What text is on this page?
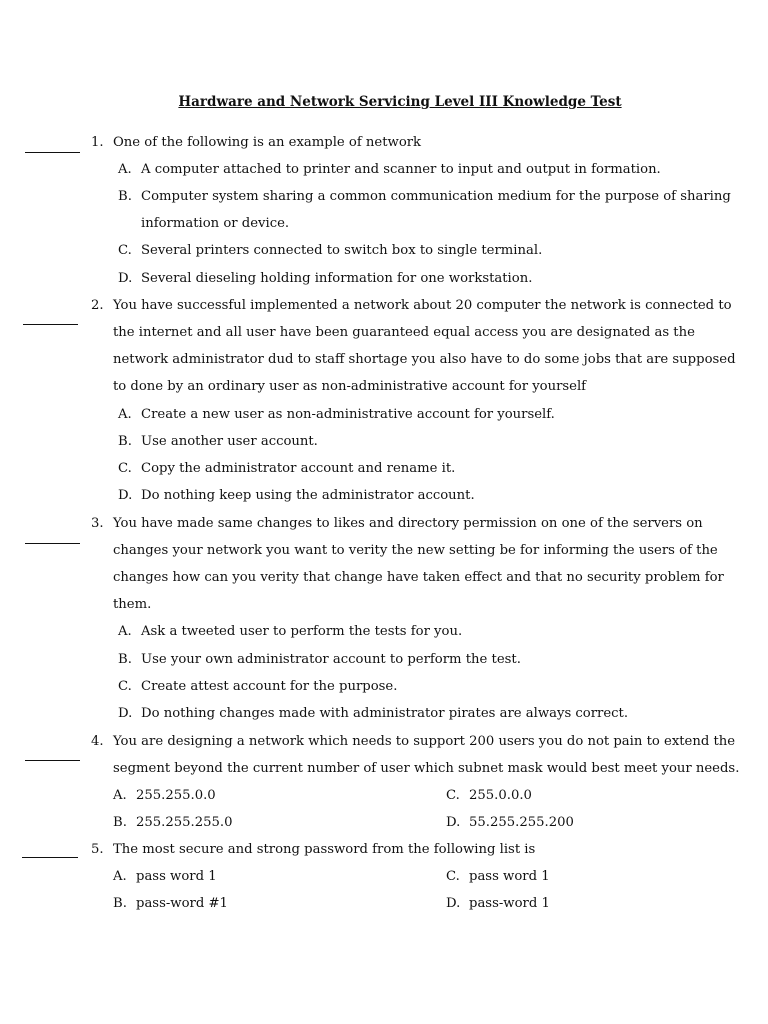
Hardware and Network Servicing Level III Knowledge Test
1. One of the following is an example of network
A. A computer attached to printer and scanner to input and output in formation.
B. Computer system sharing a common communication medium for the purpose of sharing
information or device.
C. Several printers connected to switch box to single terminal.
D. Several dieseling holding information for one workstation.
2. You have successful implemented a network about 20 computer the network is connected to
the internet and all user have been guaranteed equal access you are designated as the
network administrator dud to staff shortage you also have to do some jobs that are supposed
to done by an ordinary user as non-administrative account for yourself
A. Create a new user as non-administrative account for yourself.
B. Use another user account.
C. Copy the administrator account and rename it.
D. Do nothing keep using the administrator account.
3. You have made same changes to likes and directory permission on one of the servers on
changes your network you want to verity the new setting be for informing the users of the
changes how can you verity that change have taken effect and that no security problem for
them.
A. Ask a tweeted user to perform the tests for you.
B. Use your own administrator account to perform the test.
C. Create attest account for the purpose.
D. Do nothing changes made with administrator pirates are always correct.
4. You are designing a network which needs to support 200 users you do not pain to extend the
segment beyond the current number of user which subnet mask would best meet your needs.
A. 255.255.0.0
B. 255.255.255.0
C. 255.0.0.0
D. 55.255.255.200
5. The most secure and strong password from the following list is
A. pass word 1
B. pass-word #1
C. pass word 1
D. pass-word 1
